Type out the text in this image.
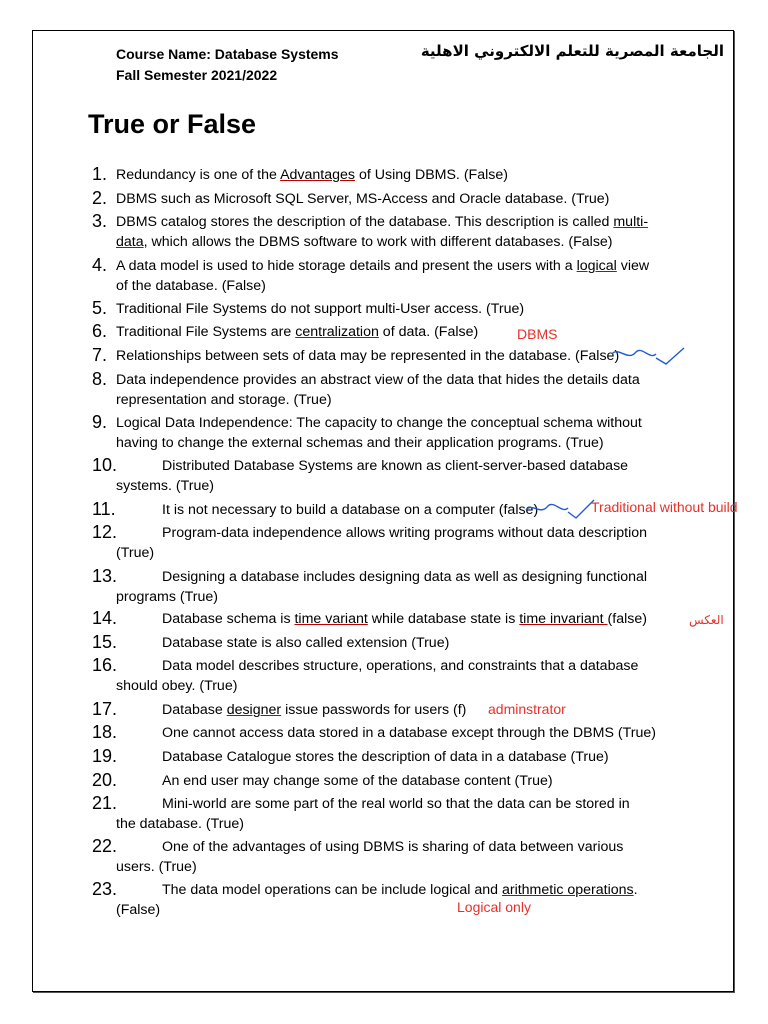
Course Name: Database Systems
Fall Semester 2021/2022
الجامعة المصرية للتعلم الالكتروني الاهلية
True or False
1. Redundancy is one of the Advantages of Using DBMS. (False)
2. DBMS such as Microsoft SQL Server, MS-Access and Oracle database. (True)
3. DBMS catalog stores the description of the database. This description is called multi-
data, which allows the DBMS software to work with different databases. (False)
4. A data model is used to hide storage details and present the users with a logical view
of the database. (False)
5. Traditional File Systems do not support multi-User access. (True)
6. Traditional File Systems are centralization of data. (False)	DBMS
7. Relationships between sets of data may be represented in the database. (False)
8. Data independence provides an abstract view of the data that hides the details data
representation and storage. (True)
9. Logical Data Independence: The capacity to change the conceptual schema without
having to change the external schemas and their application programs. (True)
10.	Distributed Database Systems are known as client-server-based database
systems. (True)
11.	It is not necessary to build a database on a computer (false)	Traditional without build
12.	Program-data independence allows writing programs without data description
(True)
13.	Designing a database includes designing data as well as designing functional
programs (True)
14.	Database schema is time variant while database state is time invariant (false)	العكس
15.	Database state is also called extension (True)
16.	Data model describes structure, operations, and constraints that a database
should obey. (True)
17.	Database designer issue passwords for users (f)	adminstrator
18.	One cannot access data stored in a database except through the DBMS (True)
19.	Database Catalogue stores the description of data in a database (True)
20.	An end user may change some of the database content (True)
21.	Mini-world are some part of the real world so that the data can be stored in
the database. (True)
22.	One of the advantages of using DBMS is sharing of data between various
users. (True)
23.	The data model operations can be include logical and arithmetic operations.
(False)	Logical only
